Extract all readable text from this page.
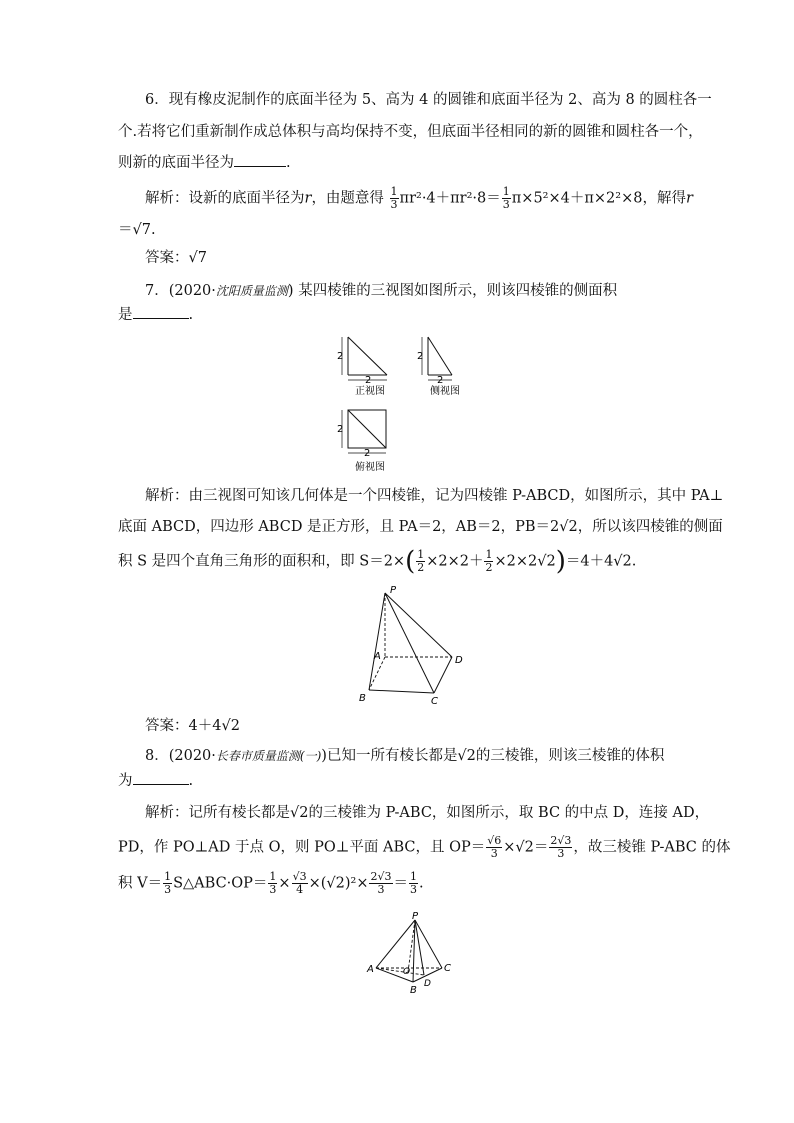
6．现有橡皮泥制作的底面半径为 5、高为 4 的圆锥和底面半径为 2、高为 8 的圆柱各一
个.若将它们重新制作成总体积与高均保持不变，但底面半径相同的新的圆锥和圆柱各一个，
则新的底面半径为	.
解析：设新的底面半径为r，由题意得 $\frac{1}{3} \pi r^2\cdot 4+\pi r^2\cdot 8= \frac{1}{3} \pi\times 5^2\times 4+\pi\times 2^2\times 8$，解得r
＝√7.
答案：√7
7．(2020·沈阳质量监测) 某四棱锥的三视图如图所示，则该四棱锥的侧面积
是	.
2
2
正视图
2
2
侧视图
2
2
俯视图
解析：由三视图可知该几何体是一个四棱锥，记为四棱锥 P-ABCD，如图所示，其中 PA⊥
底面 ABCD，四边形 ABCD 是正方形，且 PA＝2，AB＝2，PB＝2√2，所以该四棱锥的侧面
积 S 是四个直角三角形的面积和，即 $S=2\times( \frac{1}{2} \times 2\times 2+ \frac{1}{2} \times 2\times 2√2)=4+4√2$.
P
A
B	C
D
答案：4＋4√2
8．(2020·长春市质量监测(一))已知一所有棱长都是√2的三棱锥，则该三棱锥的体积
为	.
解析：记所有棱长都是√2的三棱锥为 P-ABC，如图所示，取 BC 的中点 D，连接 AD，
PD，作 PO⊥AD 于点 O，则 PO⊥平面 ABC，且 $OP= \frac{√6}{3} \times√2= \frac{2√3}{3}$ ，故三棱锥 P-ABC 的体
积 $V= \frac{1}{3}$ S△ABC·OP＝ $\frac{1}{3} \times \frac{√3}{4} \times(√2)^2\times \frac{2√3}{3} = \frac{1}{3}$ .
P
A	O
D
B
C
